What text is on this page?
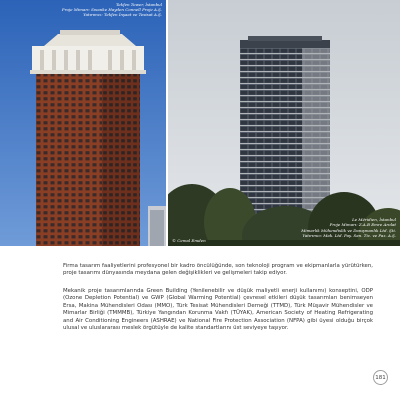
Tekfen Tower, İstanbul
Proje Mimarı: Swanke Hayden Connell Proje A.Ş.
Yatırımcı: Tekfen İnşaat ve Tesisat A.Ş.
Le Méridien, İstanbul
Proje Mimarı: Z.A.B Emre Arolat
Mimarlık Mühendislik ve Danışmanlık Ltd. Şti.
Yatırımcı: Mak. Ltd. Paş. San. Tic. ve Paz. A.Ş.
© Cemal Emden

Firma tasarım faaliyetlerini profesyonel bir kadro öncülüğünde, son teknoloji program ve ekipmanlarla yürütürken, proje tasarımı dünyasında meydana gelen değişiklikleri ve gelişmeleri takip ediyor.

Mekanik proje tasarımlarında Green Building (Yenilenebilir ve düşük maliyetli enerji kullanımı) konseptini, ODP (Ozone Depletion Potential) ve GWP (Global Warming Potential) çevresel etkileri düşük tasarımları benimseyen Ersa, Makina Mühendisleri Odası (MMO), Türk Tesisat Mühendisleri Derneği (TTMD), Türk Müşavir Mühendisler ve Mimarlar Birliği (TMMMB), Türkiye Yangından Korunma Vakfı (TÜYAK), American Society of Heating Refrigerating and Air Conditioning Engineers (ASHRAE) ve National Fire Protection Association (NFPA) gibi üyesi olduğu birçok ulusal ve uluslararası meslek örgütüyle de kalite standartlarını üst seviyeye taşıyor.

181
